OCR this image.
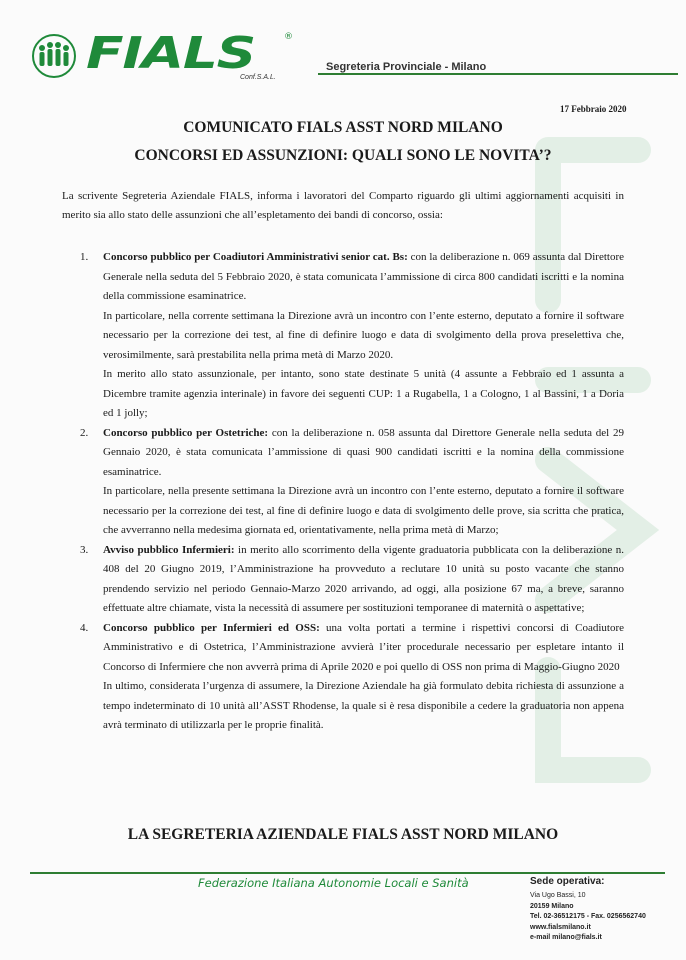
FIALS	®
Conf.S.A.L.
Segreteria Provinciale - Milano
17 Febbraio 2020
COMUNICATO FIALS ASST NORD MILANO
CONCORSI ED ASSUNZIONI: QUALI SONO LE NOVITA’?
La scrivente Segreteria Aziendale FIALS, informa i lavoratori del Comparto riguardo gli ultimi aggiornamenti acquisiti in merito sia allo stato delle assunzioni che all’espletamento dei bandi di concorso, ossia:
1. Concorso pubblico per Coadiutori Amministrativi senior cat. Bs: con la deliberazione n. 069 assunta dal Direttore Generale nella seduta del 5 Febbraio 2020, è stata comunicata l’ammissione di circa 800 candidati iscritti e la nomina della commissione esaminatrice.

In particolare, nella corrente settimana la Direzione avrà un incontro con l’ente esterno, deputato a fornire il software necessario per la correzione dei test, al fine di definire luogo e data di svolgimento della prova preselettiva che, verosimilmente, sarà prestabilita nella prima metà di Marzo 2020.

In merito allo stato assunzionale, per intanto, sono state destinate 5 unità (4 assunte a Febbraio ed 1 assunta a Dicembre tramite agenzia interinale) in favore dei seguenti CUP: 1 a Rugabella, 1 a Cologno, 1 al Bassini, 1 a Doria ed 1 jolly;

2. Concorso pubblico per Ostetriche: con la deliberazione n. 058 assunta dal Direttore Generale nella seduta del 29 Gennaio 2020, è stata comunicata l’ammissione di quasi 900 candidati iscritti e la nomina della commissione esaminatrice.

In particolare, nella presente settimana la Direzione avrà un incontro con l’ente esterno, deputato a fornire il software necessario per la correzione dei test, al fine di definire luogo e data di svolgimento delle prove, sia scritta che pratica, che avverranno nella medesima giornata ed, orientativamente, nella prima metà di Marzo;

3. Avviso pubblico Infermieri: in merito allo scorrimento della vigente graduatoria pubblicata con la deliberazione n. 408 del 20 Giugno 2019, l’Amministrazione ha provveduto a reclutare 10 unità su posto vacante che stanno prendendo servizio nel periodo Gennaio-Marzo 2020 arrivando, ad oggi, alla posizione 67 ma, a breve, saranno effettuate altre chiamate, vista la necessità di assumere per sostituzioni temporanee di maternità o aspettative;

4. Concorso pubblico per Infermieri ed OSS: una volta portati a termine i rispettivi concorsi di Coadiutore Amministrativo e di Ostetrica, l’Amministrazione avvierà l’iter procedurale necessario per espletare intanto il Concorso di Infermiere che non avverrà prima di Aprile 2020 e poi quello di OSS non prima di Maggio-Giugno 2020

In ultimo, considerata l’urgenza di assumere, la Direzione Aziendale ha già formulato debita richiesta di assunzione a tempo indeterminato di 10 unità all’ASST Rhodense, la quale si è resa disponibile a cedere la graduatoria non appena avrà terminato di utilizzarla per le proprie finalità.

LA SEGRETERIA AZIENDALE FIALS ASST NORD MILANO
Federazione Italiana Autonomie Locali e Sanità	Sede operativa:
Via Ugo Bassi, 10
20159 Milano
Tel. 02-36512175 - Fax. 0256562740
www.fialsmilano.it
e-mail milano@fials.it
